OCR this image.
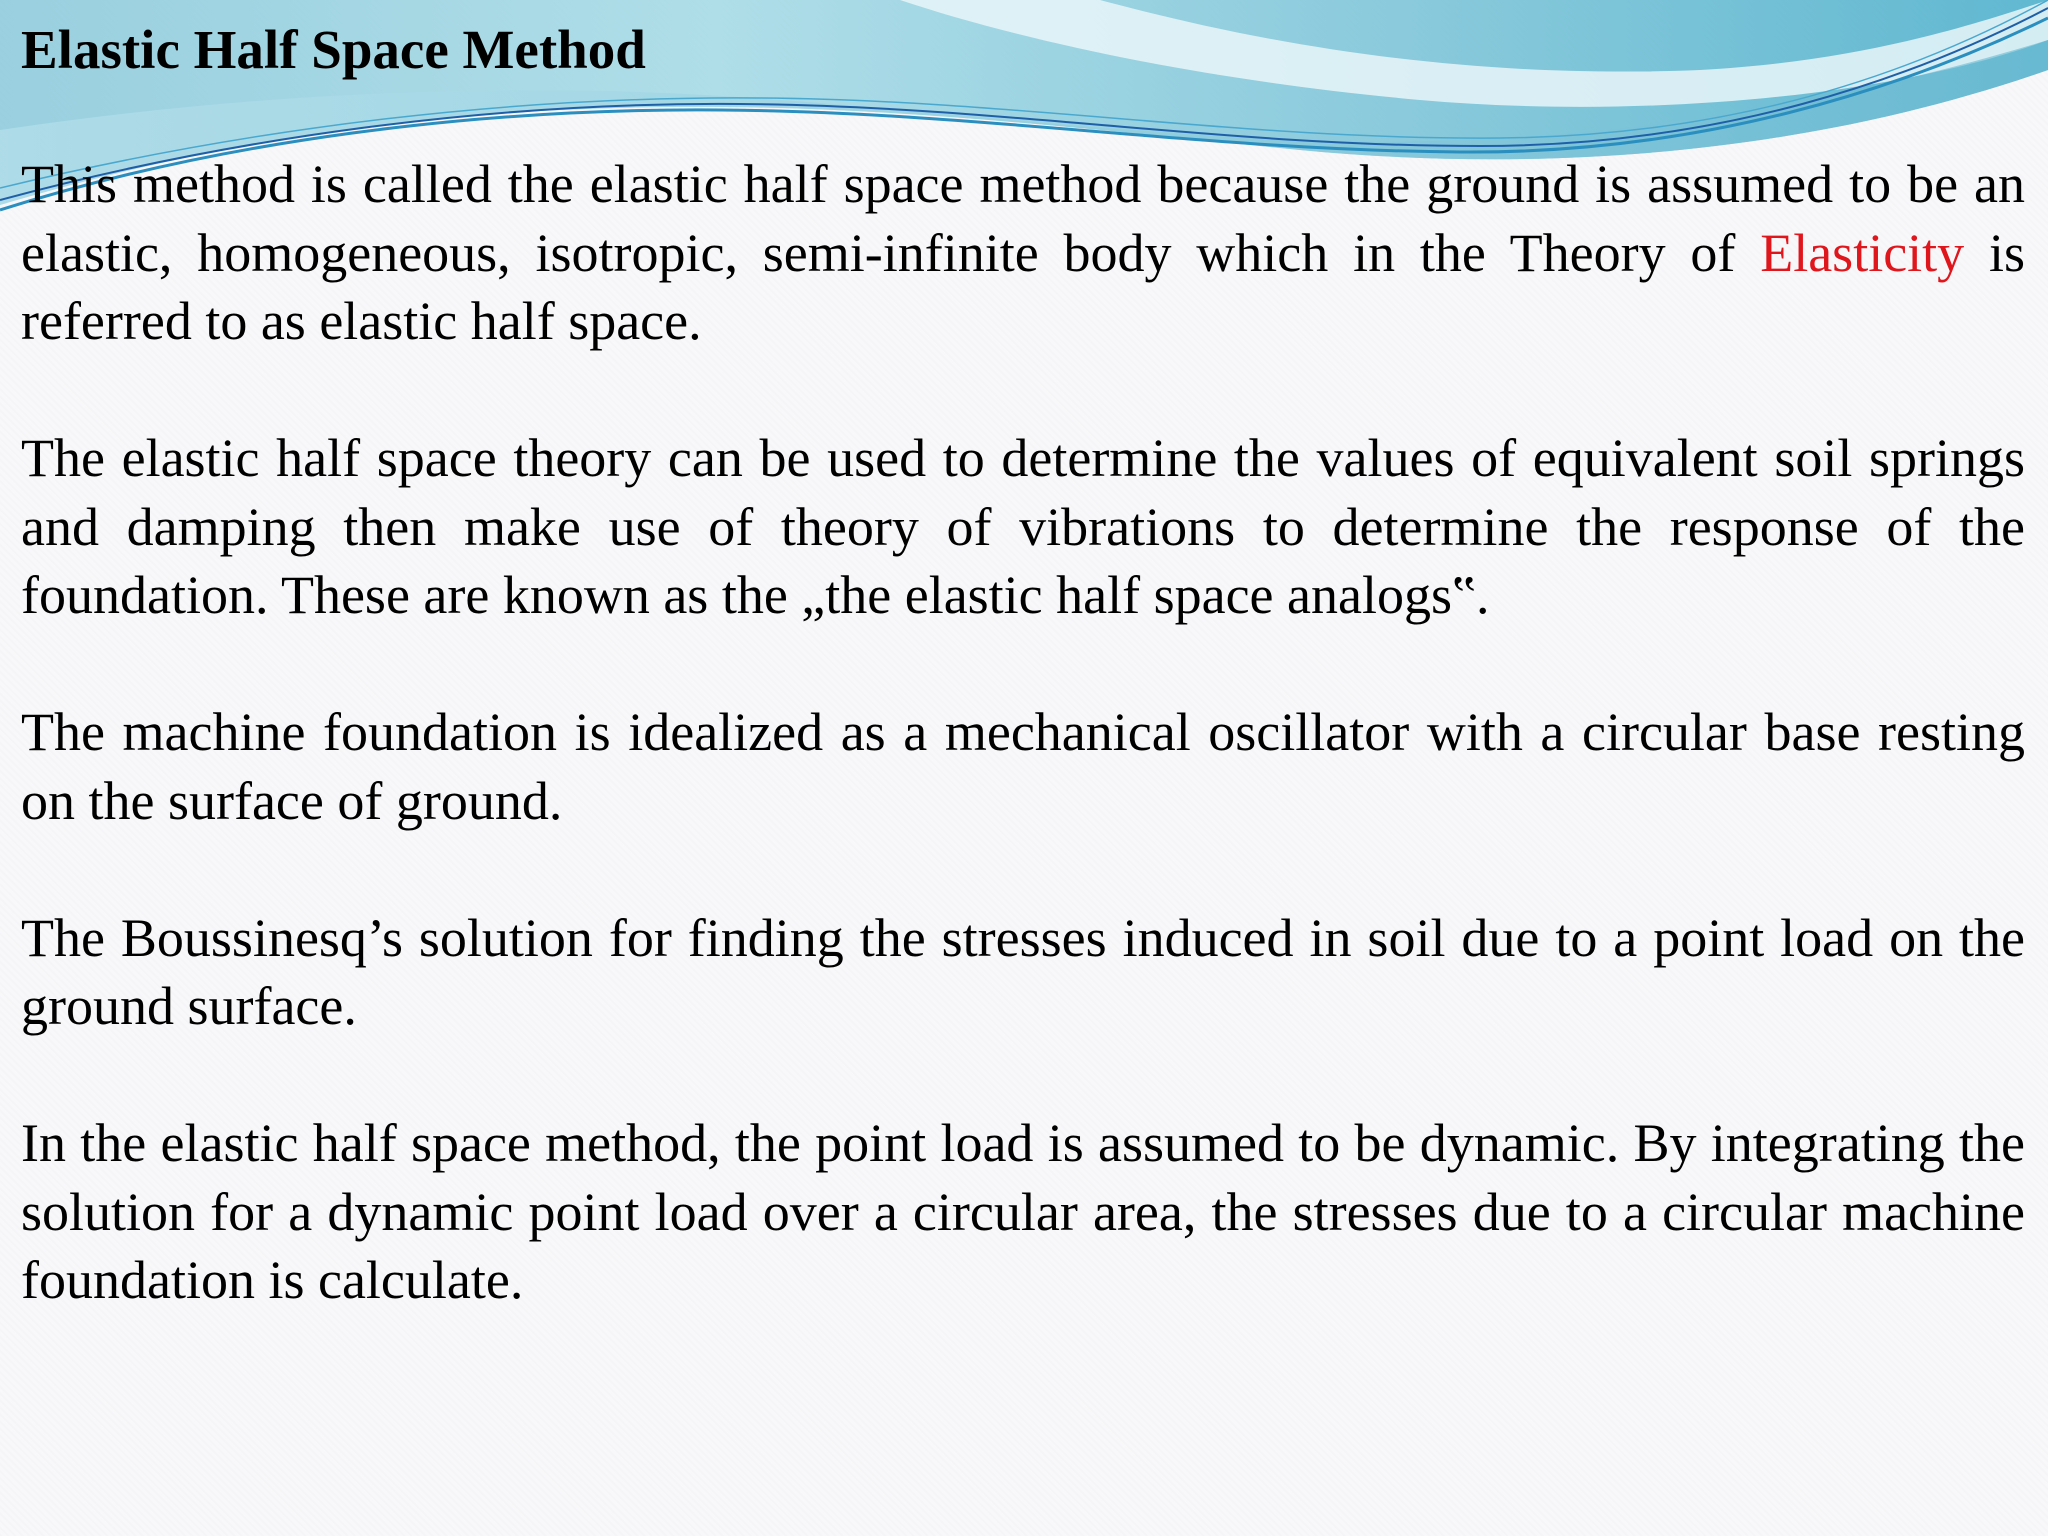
Elastic Half Space Method

This method is called the elastic half space method because the ground is assumed to be an elastic, homogeneous, isotropic, semi-infinite body which in the Theory of Elasticity is referred to as elastic half space.

The elastic half space theory can be used to determine the values of equivalent soil springs and damping then make use of theory of vibrations to determine the response of the foundation. These are known as the „the elastic half space analogs‟.

The machine foundation is idealized as a mechanical oscillator with a circular base resting on the surface of ground.

The Boussinesq’s solution for finding the stresses induced in soil due to a point load on the ground surface.

In the elastic half space method, the point load is assumed to be dynamic. By integrating the solution for a dynamic point load over a circular area, the stresses due to a circular machine foundation is calculate.
